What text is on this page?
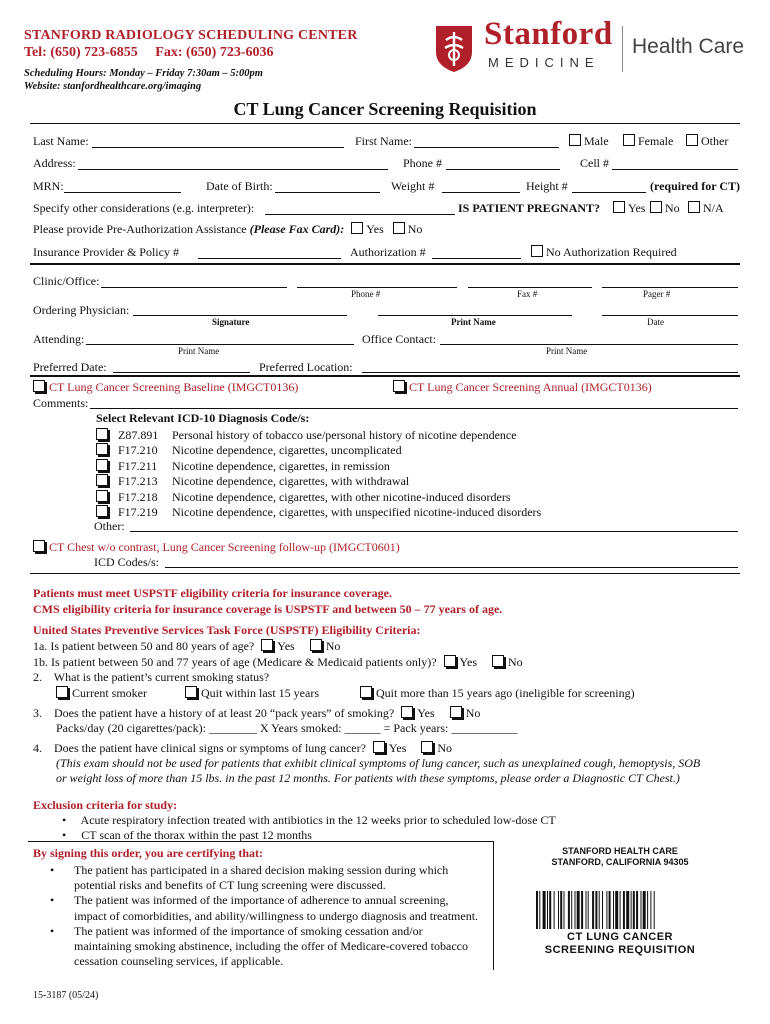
STANFORD RADIOLOGY SCHEDULING CENTER
Tel: (650) 723-6855     Fax: (650) 723-6036
Scheduling Hours: Monday – Friday 7:30am – 5:00pm
Website: stanfordhealthcare.org/imaging
Stanford
MEDICINE
Health Care
CT Lung Cancer Screening Requisition
Last Name:	First Name:	Male	Female	Other
Address:	Phone #	Cell #
MRN:	Date of Birth:	Weight #	Height #	(required for CT)
Specify other considerations (e.g. interpreter):	IS PATIENT PREGNANT?	Yes	No	N/A
Please provide Pre-Authorization Assistance (Please Fax Card): Yes No
Insurance Provider & Policy #	Authorization #	No Authorization Required
Clinic/Office:
Phone #	Fax #	Pager #
Ordering Physician:
Signature	Print Name	Date
Attending:	Office Contact:
Print Name	Print Name
Preferred Date:	Preferred Location:
CT Lung Cancer Screening Baseline (IMGCT0136)	CT Lung Cancer Screening Annual (IMGCT0136)
Comments:
Select Relevant ICD-10 Diagnosis Code/s:
Z87.891 Personal history of tobacco use/personal history of nicotine dependence
F17.210 Nicotine dependence, cigarettes, uncomplicated
F17.211 Nicotine dependence, cigarettes, in remission
F17.213 Nicotine dependence, cigarettes, with withdrawal
F17.218 Nicotine dependence, cigarettes, with other nicotine-induced disorders
F17.219 Nicotine dependence, cigarettes, with unspecified nicotine-induced disorders
Other:
CT Chest w/o contrast, Lung Cancer Screening follow-up (IMGCT0601)
ICD Codes/s:
Patients must meet USPSTF eligibility criteria for insurance coverage.
CMS eligibility criteria for insurance coverage is USPSTF and between 50 – 77 years of age.
United States Preventive Services Task Force (USPSTF) Eligibility Criteria:
1a. Is patient between 50 and 80 years of age? Yes	No
1b. Is patient between 50 and 77 years of age (Medicare & Medicaid patients only)? Yes	No
2. What is the patient’s current smoking status?
Current smoker	Quit within last 15 years	Quit more than 15 years ago (ineligible for screening)
3. Does the patient have a history of at least 20 “pack years” of smoking? Yes	No
Packs/day (20 cigarettes/pack): ________ X Years smoked: ______ = Pack years: ___________
4. Does the patient have clinical signs or symptoms of lung cancer? Yes	No
(This exam should not be used for patients that exhibit clinical symptoms of lung cancer, such as unexplained cough, hemoptysis, SOB
or weight loss of more than 15 lbs. in the past 12 months. For patients with these symptoms, please order a Diagnostic CT Chest.)
Exclusion criteria for study:
•     Acute respiratory infection treated with antibiotics in the 12 weeks prior to scheduled low-dose CT
•     CT scan of the thorax within the past 12 months
By signing this order, you are certifying that:
The patient has participated in a shared decision making session during which
•
potential risks and benefits of CT lung screening were discussed.
The patient was informed of the importance of adherence to annual screening,
•
impact of comorbidities, and ability/willingness to undergo diagnosis and treatment.
The patient was informed of the importance of smoking cessation and/or
•
maintaining smoking abstinence, including the offer of Medicare-covered tobacco
cessation counseling services, if applicable.
15-3187 (05/24)
STANFORD HEALTH CARE
STANFORD, CALIFORNIA 94305
CT LUNG CANCER
SCREENING REQUISITION
